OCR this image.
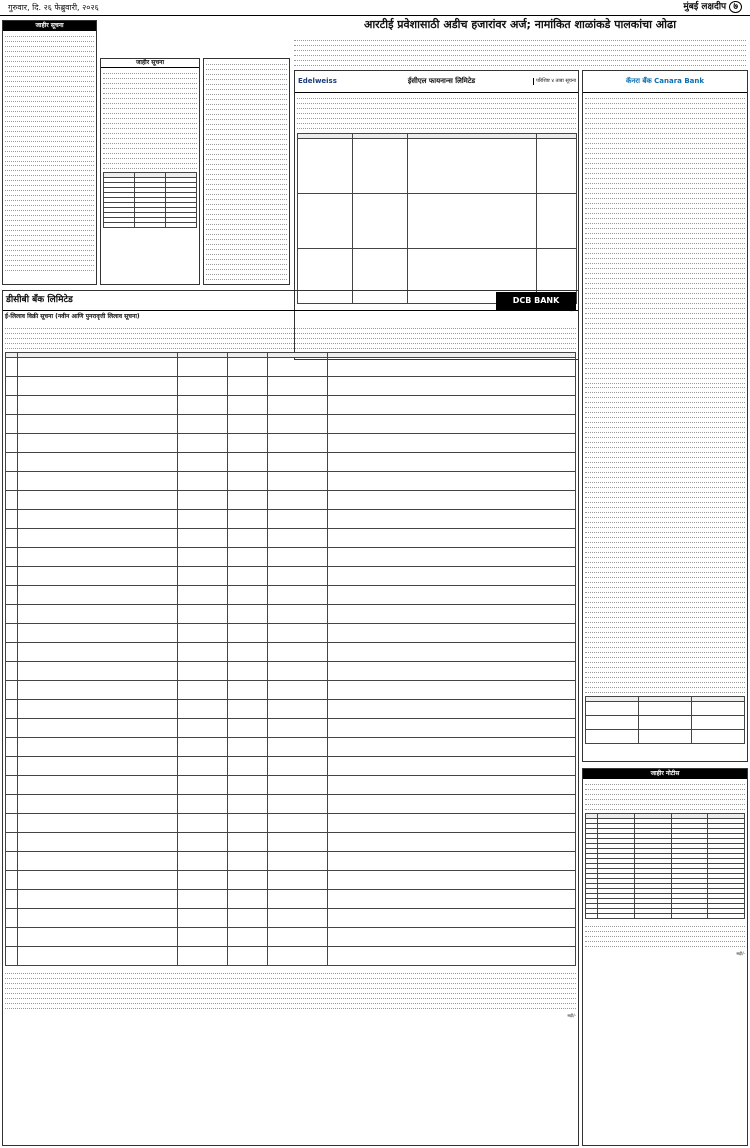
गुरुवार, दि. २६ फेब्रुवारी, २०२६	मुंबई लक्षदीप ७
जाहीर सूचना
जाहीर सूचना

आरटीई प्रवेशासाठी अडीच हजारांवर अर्ज; नामांकित शाळांकडे पालकांचा ओढा
Edelweiss	ईसीएल फायनान्स लिमिटेड	परिशिष्ट ४ ताबा सूचना

				कॅनरा बँक Canara Bank

जाहीर नोटीस

सही/-
डीसीबी बँक लिमिटेड	DCB BANK
ई-लिलाव विक्री सूचना (नवीन आणि पुनरावृत्ती लिलाव सूचना)

सही/-
